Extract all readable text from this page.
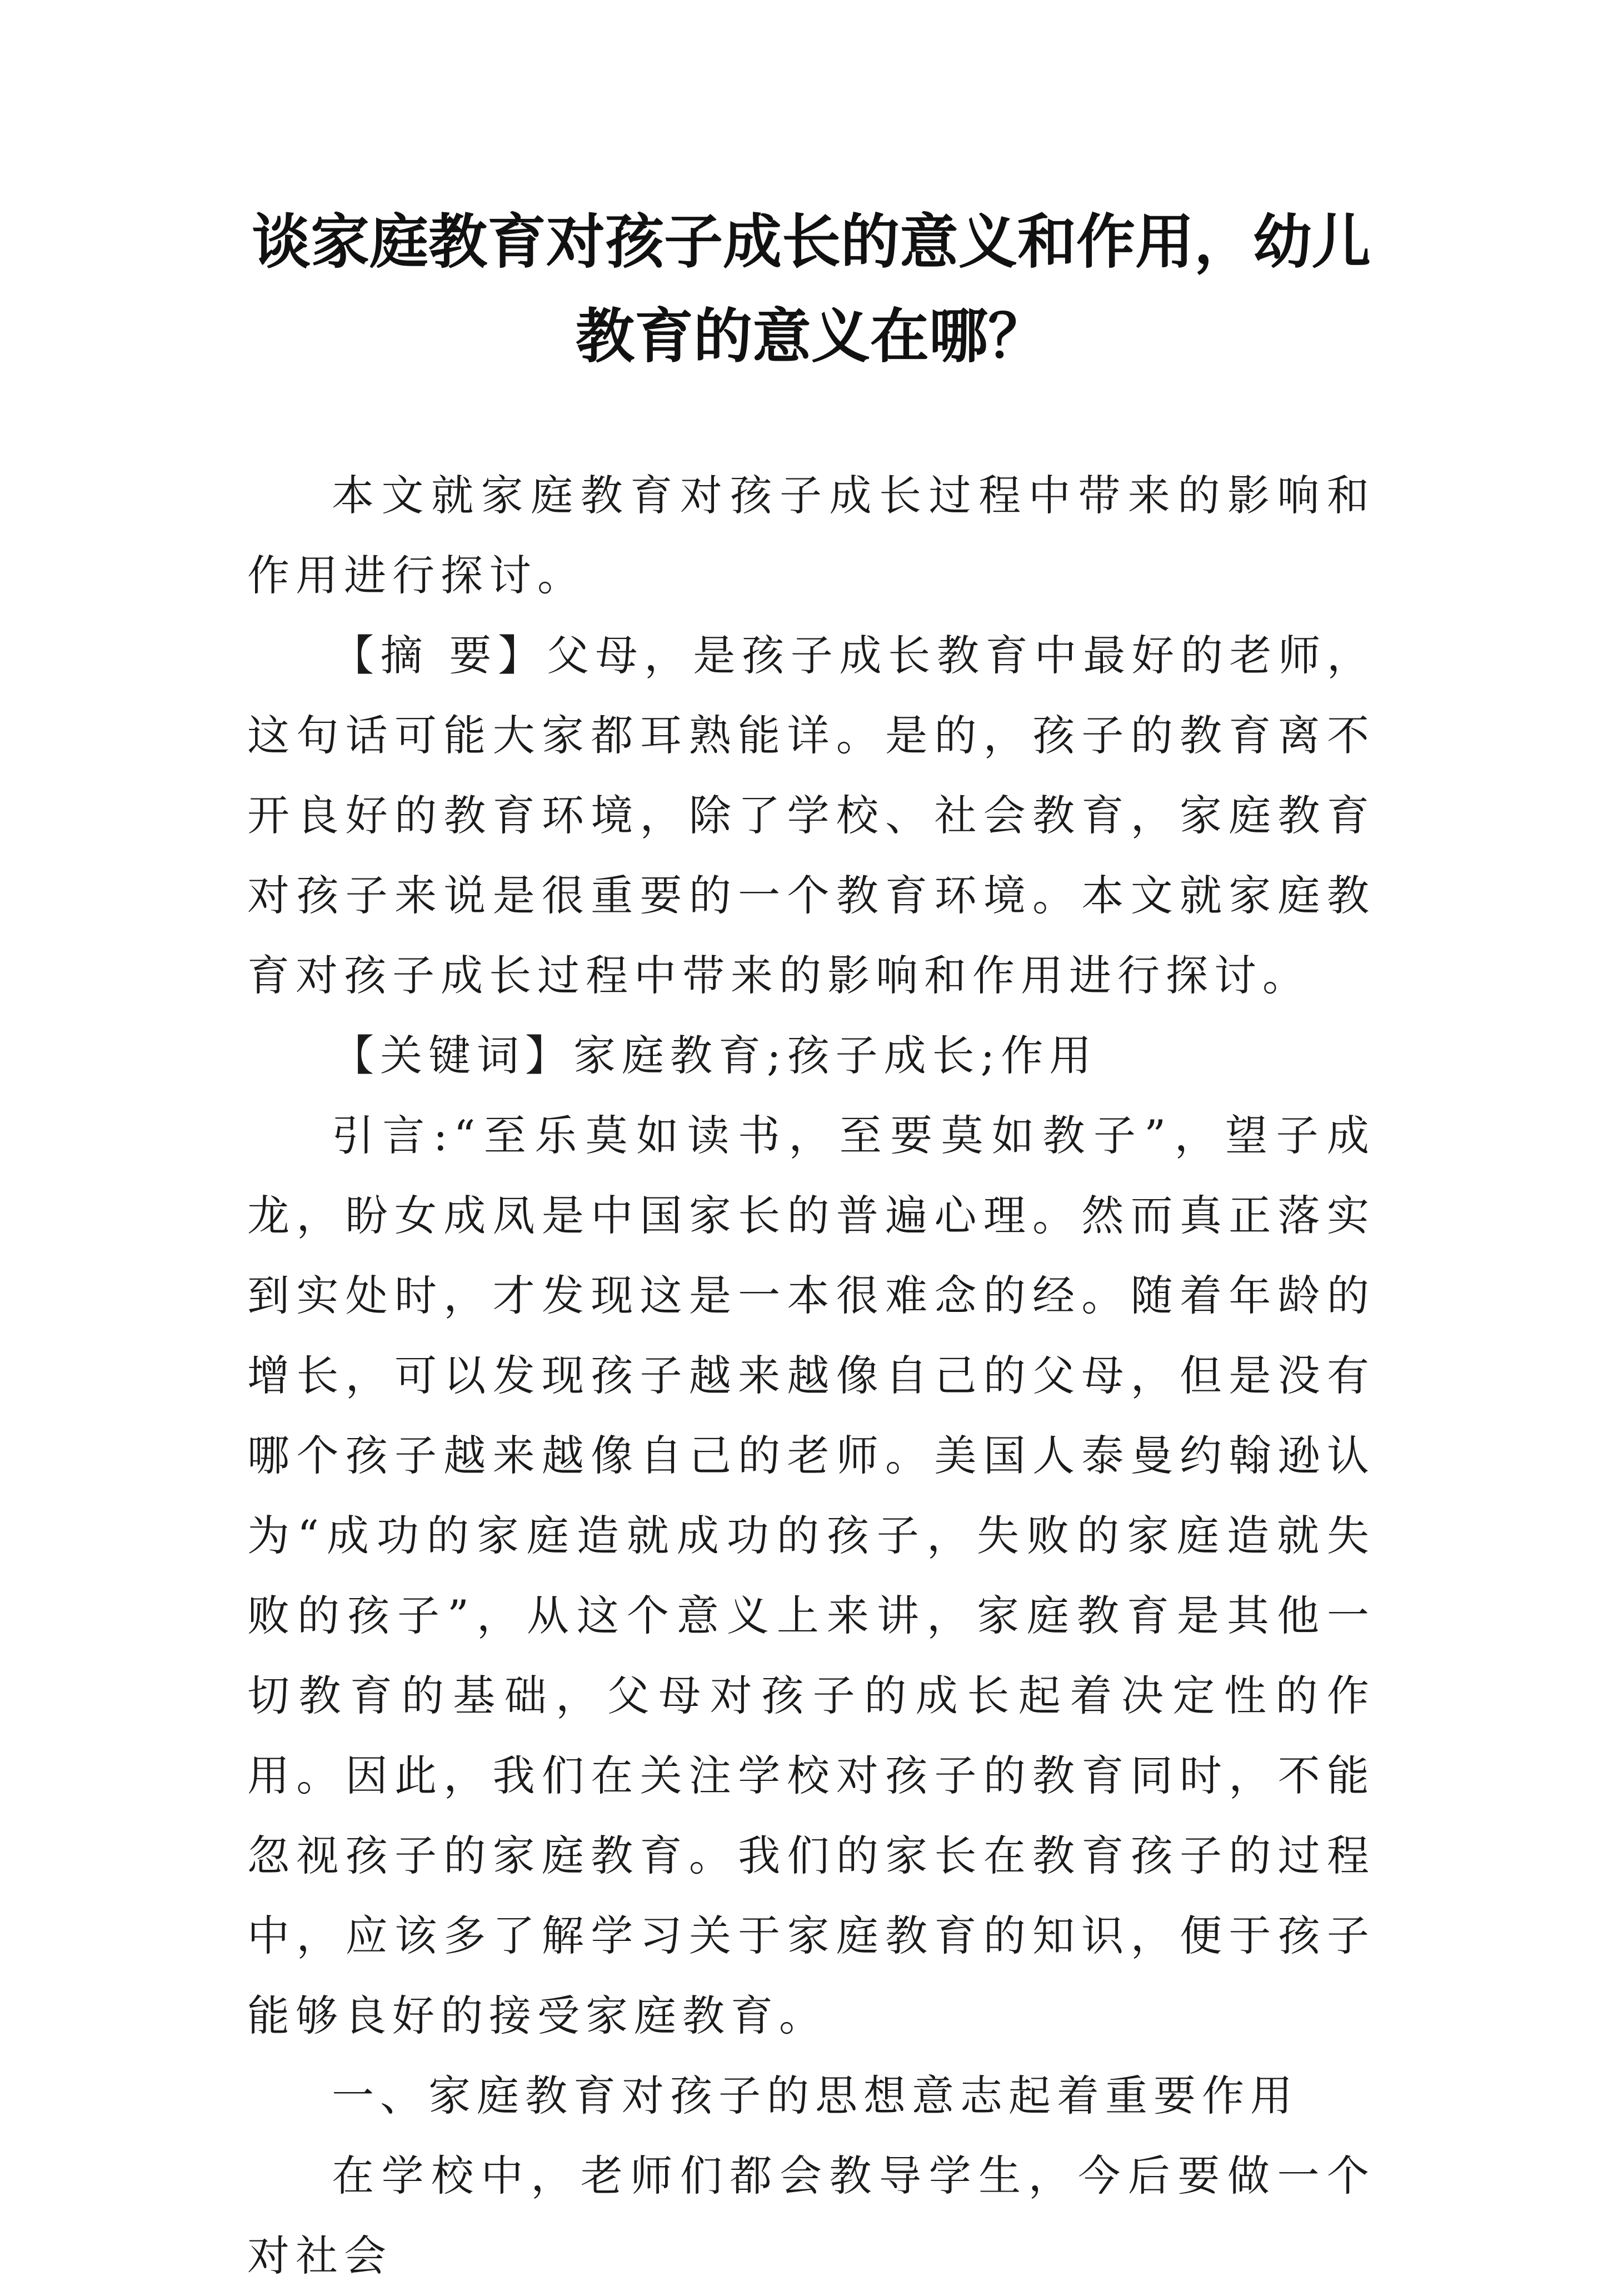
谈家庭教育对孩子成长的意义和作用，幼儿教育的意义在哪？

本文就家庭教育对孩子成长过程中带来的影响和作用进行探讨。

【摘 要】父母，是孩子成长教育中最好的老师，这句话可能大家都耳熟能详。是的，孩子的教育离不开良好的教育环境，除了学校、社会教育，家庭教育对孩子来说是很重要的一个教育环境。本文就家庭教育对孩子成长过程中带来的影响和作用进行探讨。

【关键词】家庭教育;孩子成长;作用

引言:“至乐莫如读书，至要莫如教子”，望子成龙，盼女成凤是中国家长的普遍心理。然而真正落实到实处时，才发现这是一本很难念的经。随着年龄的增长，可以发现孩子越来越像自己的父母，但是没有哪个孩子越来越像自己的老师。美国人泰曼约翰逊认为“成功的家庭造就成功的孩子，失败的家庭造就失败的孩子”，从这个意义上来讲，家庭教育是其他一切教育的基础，父母对孩子的成长起着决定性的作用。因此，我们在关注学校对孩子的教育同时，不能忽视孩子的家庭教育。我们的家长在教育孩子的过程中，应该多了解学习关于家庭教育的知识，便于孩子能够良好的接受家庭教育。

一、家庭教育对孩子的思想意志起着重要作用

在学校中，老师们都会教导学生，今后要做一个对社会
